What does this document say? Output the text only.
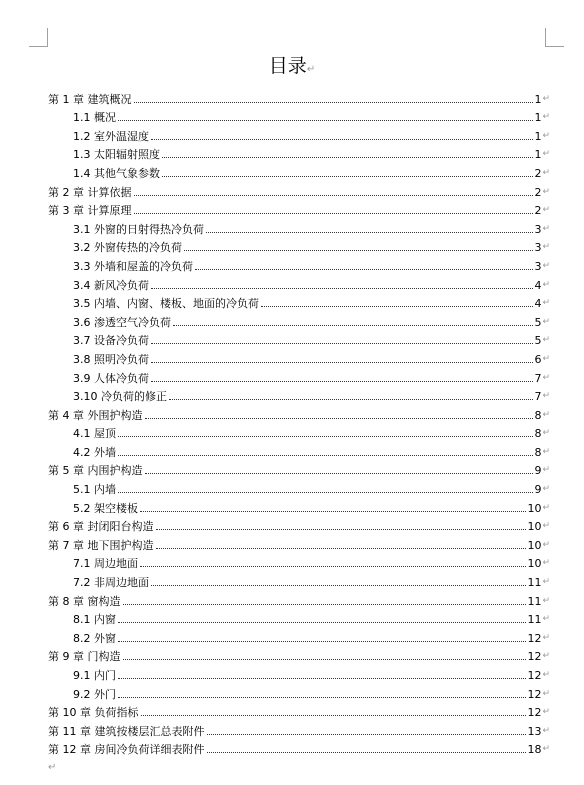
目录↵
第 1 章 建筑概况	1 ↵
1.1 概况	1 ↵
1.2 室外温湿度	1 ↵
1.3 太阳辐射照度	1 ↵
1.4 其他气象参数	2 ↵
第 2 章 计算依据	2 ↵
第 3 章 计算原理	2 ↵
3.1 外窗的日射得热冷负荷	3 ↵
3.2 外窗传热的冷负荷	3 ↵
3.3 外墙和屋盖的冷负荷	3 ↵
3.4 新风冷负荷	4 ↵
3.5 内墙、内窗、楼板、地面的冷负荷	4 ↵
3.6 渗透空气冷负荷	5 ↵
3.7 设备冷负荷	5 ↵
3.8 照明冷负荷	6 ↵
3.9 人体冷负荷	7 ↵
3.10 冷负荷的修正	7 ↵
第 4 章 外围护构造	8 ↵
4.1 屋顶	8 ↵
4.2 外墙	8 ↵
第 5 章 内围护构造	9 ↵
5.1 内墙	9 ↵
5.2 架空楼板	10 ↵
第 6 章 封闭阳台构造	10 ↵
第 7 章 地下围护构造	10 ↵
7.1 周边地面	10 ↵
7.2 非周边地面	11 ↵
第 8 章 窗构造	11 ↵
8.1 内窗	11 ↵
8.2 外窗	12 ↵
第 9 章 门构造	12 ↵
9.1 内门	12 ↵
9.2 外门	12 ↵
第 10 章 负荷指标	12 ↵
第 11 章 建筑按楼层汇总表附件	13 ↵
第 12 章 房间冷负荷详细表附件	18 ↵
↵
